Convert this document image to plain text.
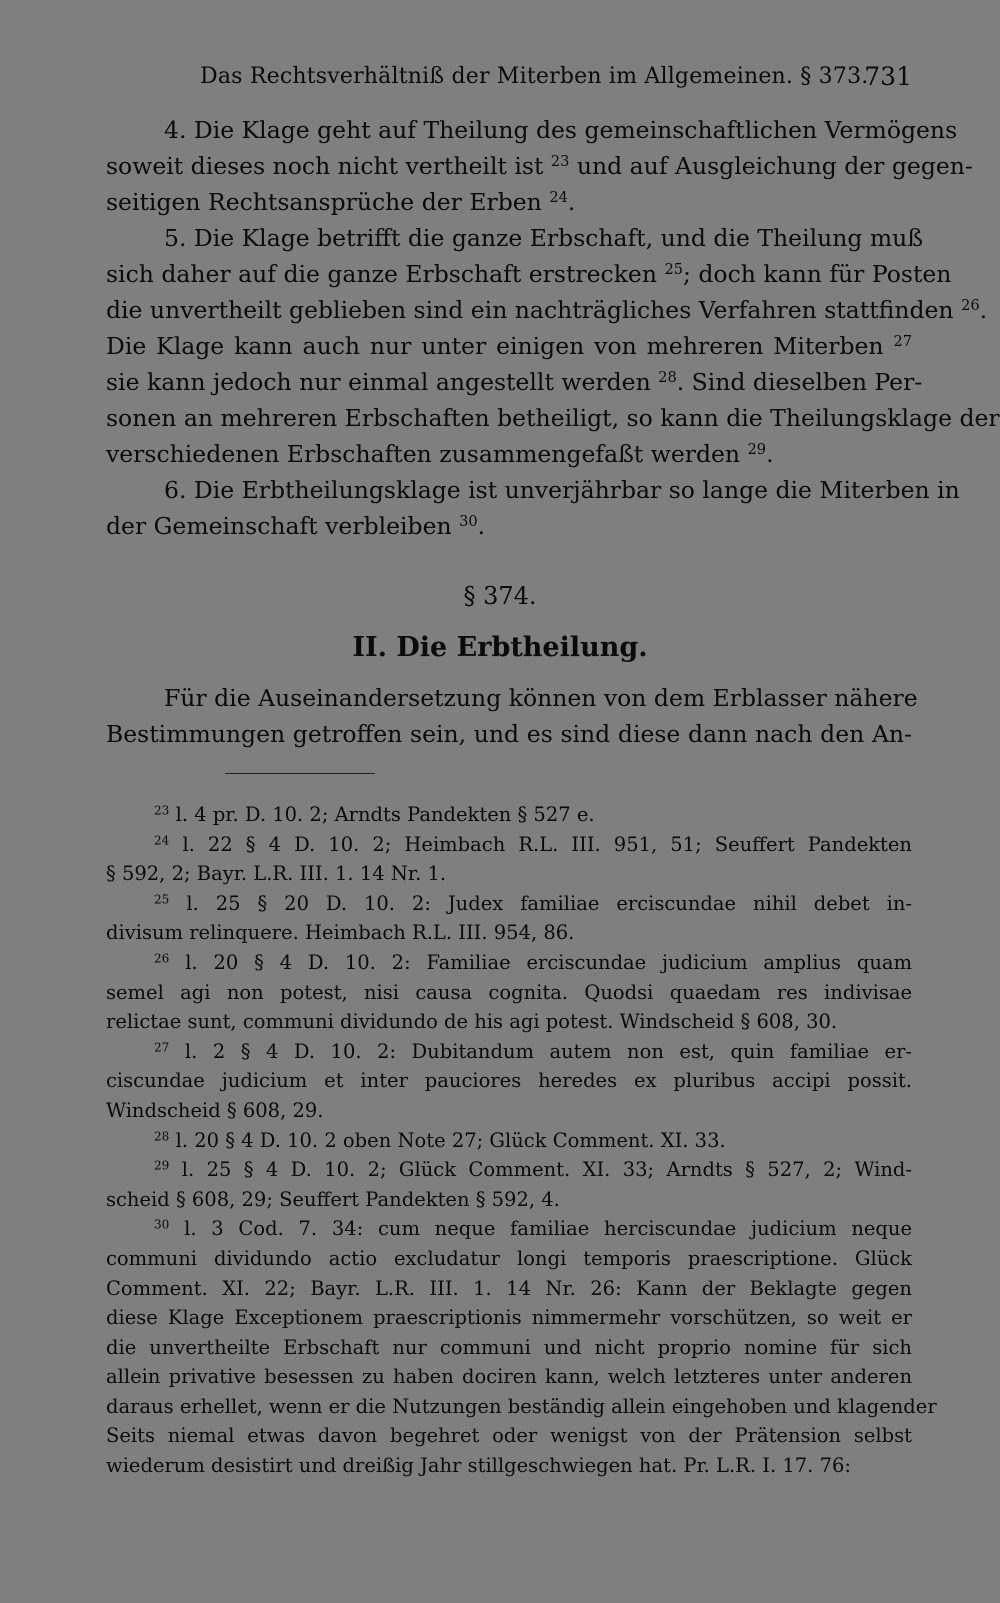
Das Rechtsverhältniß der Miterben im Allgemeinen. § 373.
731
4. Die Klage geht auf Theilung des gemeinschaftlichen Vermögens
soweit dieses noch nicht vertheilt ist $^{23}$ und auf Ausgleichung der gegen-
seitigen Rechtsansprüche der Erben $^{24}$.
5. Die Klage betrifft die ganze Erbschaft, und die Theilung muß
sich daher auf die ganze Erbschaft erstrecken $^{25}$; doch kann für Posten
die unvertheilt geblieben sind ein nachträgliches Verfahren stattfinden $^{26}$.
Die Klage kann auch nur unter einigen von mehreren Miterben $^{27}$
sie kann jedoch nur einmal angestellt werden $^{28}$. Sind dieselben Per-
sonen an mehreren Erbschaften betheiligt, so kann die Theilungsklage der
verschiedenen Erbschaften zusammengefaßt werden $^{29}$.
6. Die Erbtheilungsklage ist unverjährbar so lange die Miterben in
der Gemeinschaft verbleiben $^{30}$.
§ 374.
II. Die Erbtheilung.
Für die Auseinandersetzung können von dem Erblasser nähere
Bestimmungen getroffen sein, und es sind diese dann nach den An-
$^{23}$ l. 4 pr. D. 10. 2; Arndts Pandekten § 527 e.
$^{24}$ l. 22 § 4 D. 10. 2; Heimbach R.L. III. 951, 51; Seuffert Pandekten
§ 592, 2; Bayr. L.R. III. 1. 14 Nr. 1.
$^{25}$ l. 25 § 20 D. 10. 2: Judex familiae erciscundae nihil debet in-
divisum relinquere. Heimbach R.L. III. 954, 86.
$^{26}$ l. 20 § 4 D. 10. 2: Familiae erciscundae judicium amplius quam
semel agi non potest, nisi causa cognita. Quodsi quaedam res indivisae
relictae sunt, communi dividundo de his agi potest. Windscheid § 608, 30.
$^{27}$ l. 2 § 4 D. 10. 2: Dubitandum autem non est, quin familiae er-
ciscundae judicium et inter pauciores heredes ex pluribus accipi possit.
Windscheid § 608, 29.
$^{28}$ l. 20 § 4 D. 10. 2 oben Note 27; Glück Comment. XI. 33.
$^{29}$ l. 25 § 4 D. 10. 2; Glück Comment. XI. 33; Arndts § 527, 2; Wind-
scheid § 608, 29; Seuffert Pandekten § 592, 4.
$^{30}$ l. 3 Cod. 7. 34: cum neque familiae herciscundae judicium neque
communi dividundo actio excludatur longi temporis praescriptione. Glück
Comment. XI. 22; Bayr. L.R. III. 1. 14 Nr. 26: Kann der Beklagte gegen
diese Klage Exceptionem praescriptionis nimmermehr vorschützen, so weit er
die unvertheilte Erbschaft nur communi und nicht proprio nomine für sich
allein privative besessen zu haben dociren kann, welch letzteres unter anderen
daraus erhellet, wenn er die Nutzungen beständig allein eingehoben und klagender
Seits niemal etwas davon begehret oder wenigst von der Prätension selbst
wiederum desistirt und dreißig Jahr stillgeschwiegen hat. Pr. L.R. I. 17. 76:
